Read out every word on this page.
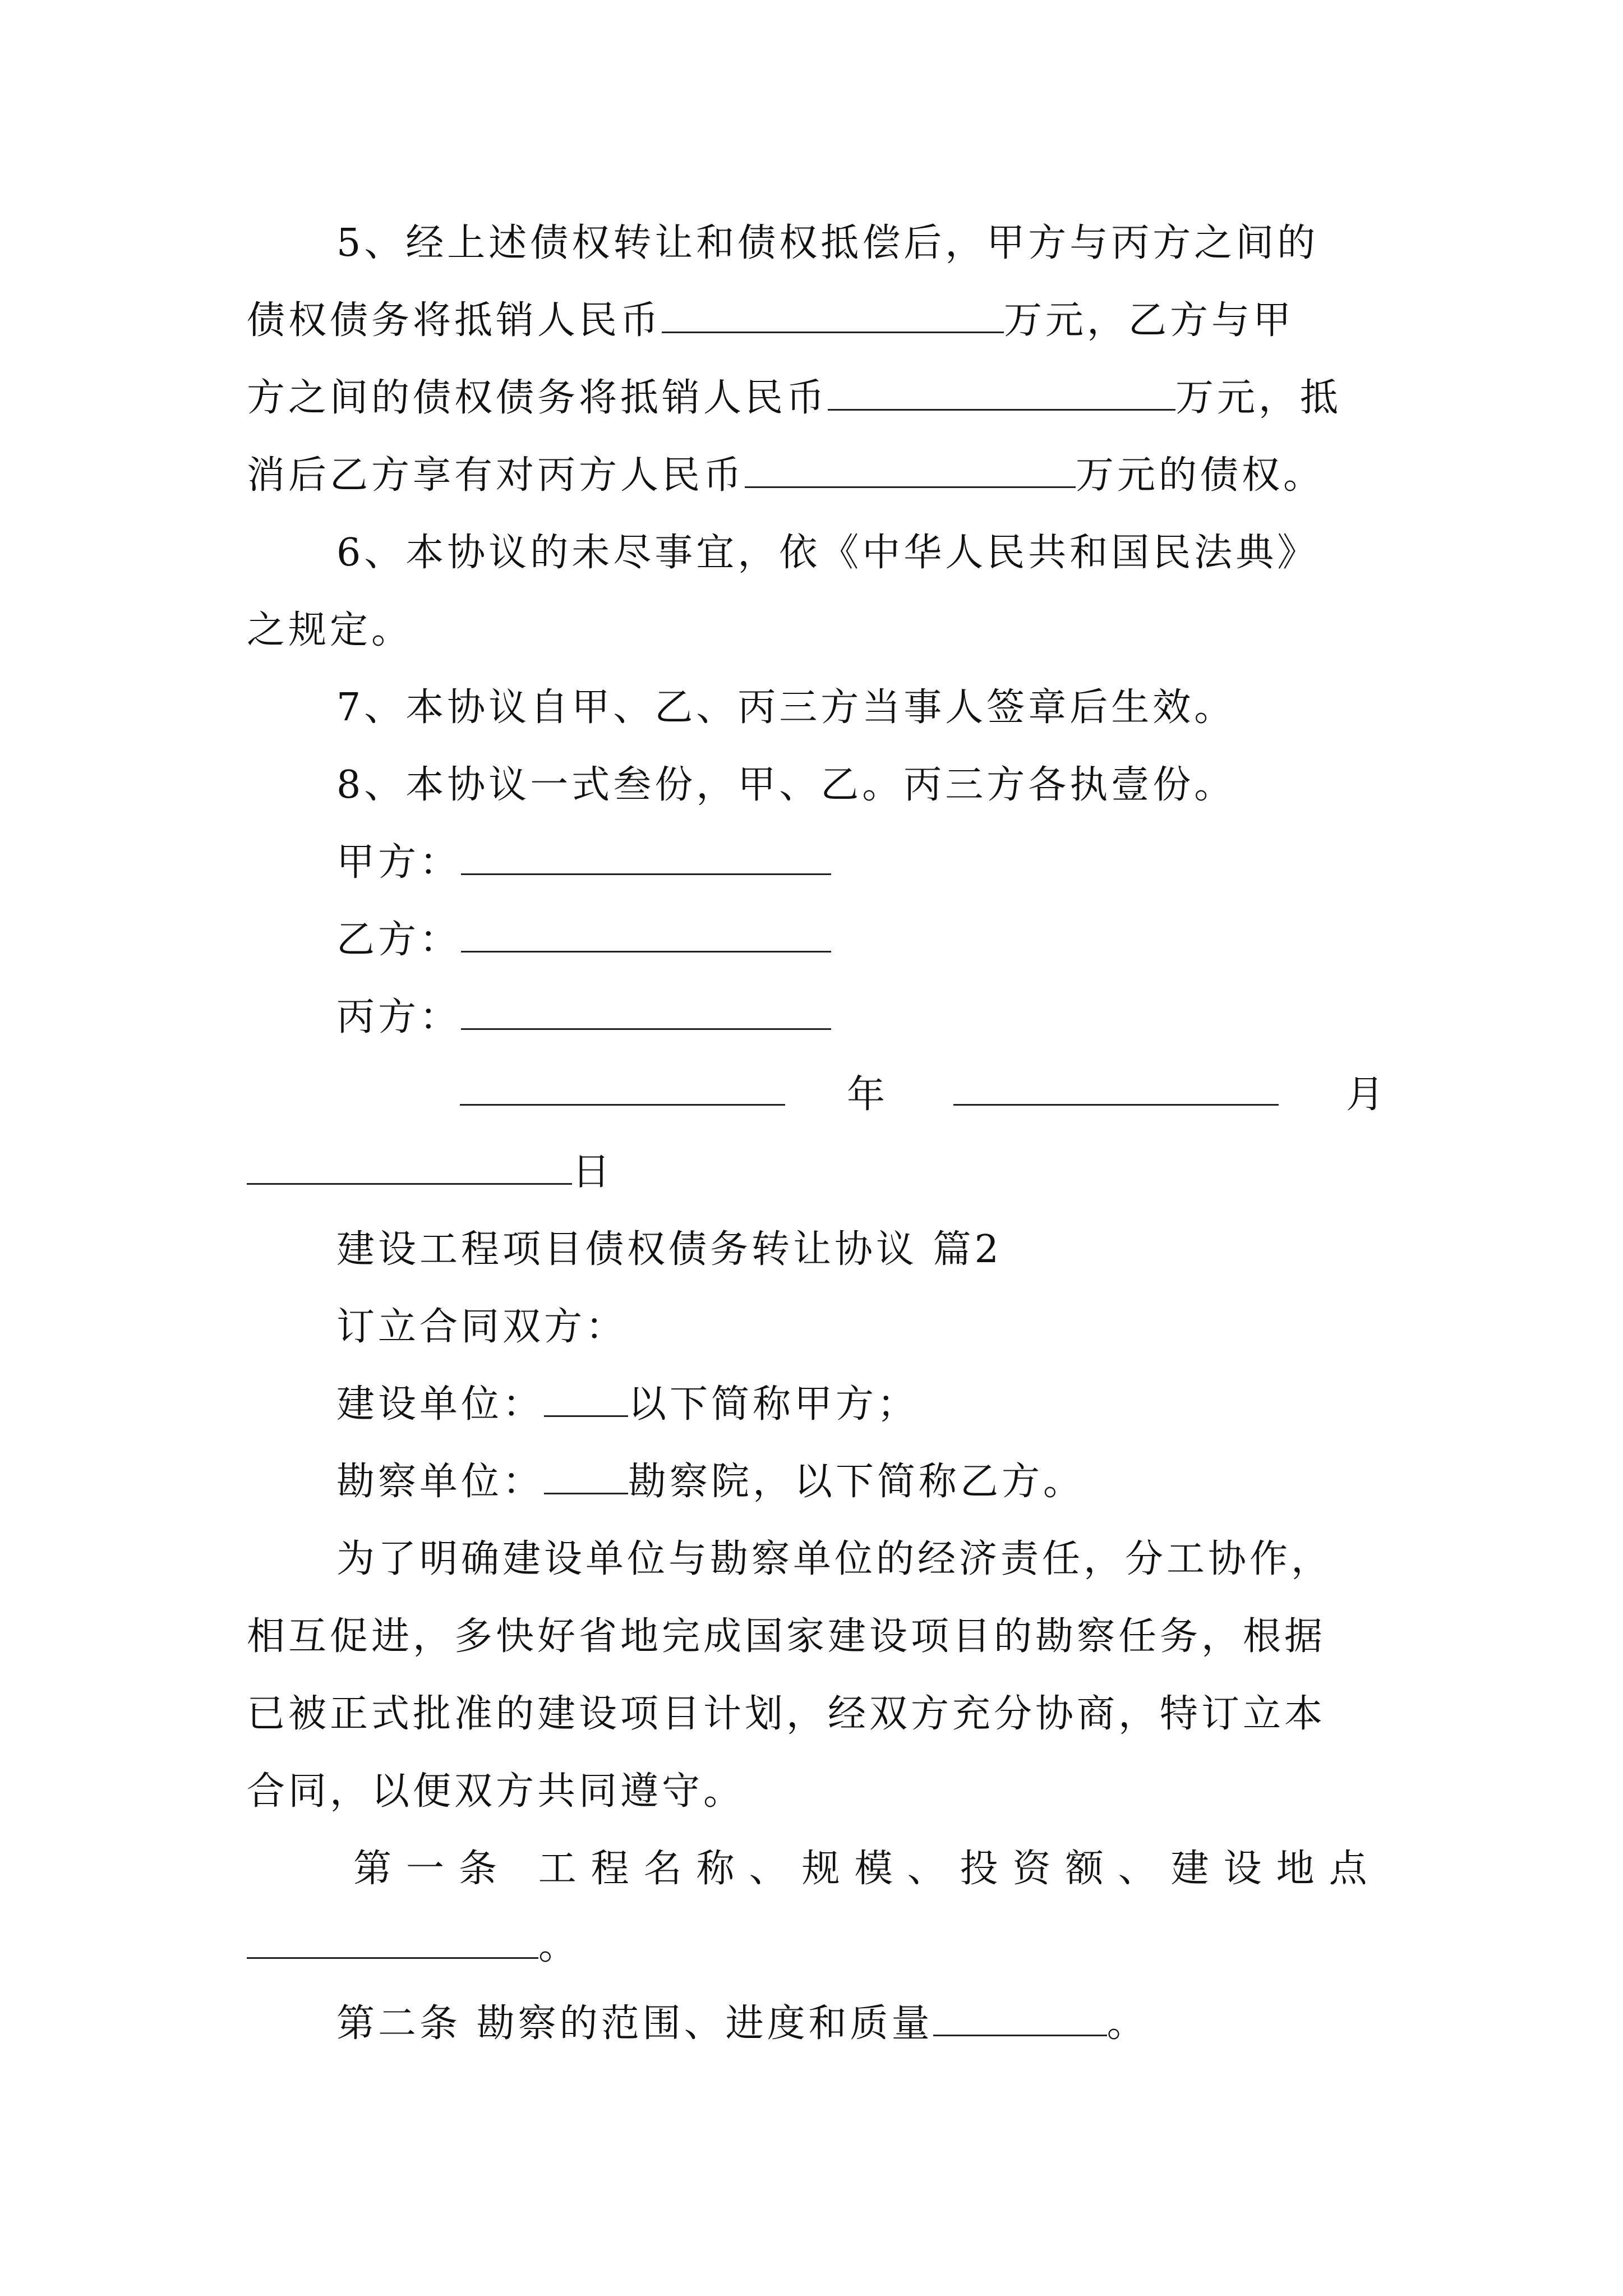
5、经上述债权转让和债权抵偿后，甲方与丙方之间的
债权债务将抵销人民币	万元，乙方与甲
方之间的债权债务将抵销人民币	万元，抵
消后乙方享有对丙方人民币	万元的债权。
6、本协议的未尽事宜，依《中华人民共和国民法典》
之规定。
7、本协议自甲、乙、丙三方当事人签章后生效。
8、本协议一式叁份，甲、乙。丙三方各执壹份。
甲方：
乙方：
丙方：
年	月
日
建设工程项目债权债务转让协议 篇2
订立合同双方：
建设单位： 以下简称甲方；
勘察单位： 勘察院，以下简称乙方。
为了明确建设单位与勘察单位的经济责任，分工协作，
相互促进，多快好省地完成国家建设项目的勘察任务，根据
已被正式批准的建设项目计划，经双方充分协商，特订立本
合同，以便双方共同遵守。
第一条 工程名称、规模、投资额、建设地点
。
第二条 勘察的范围、进度和质量	。
